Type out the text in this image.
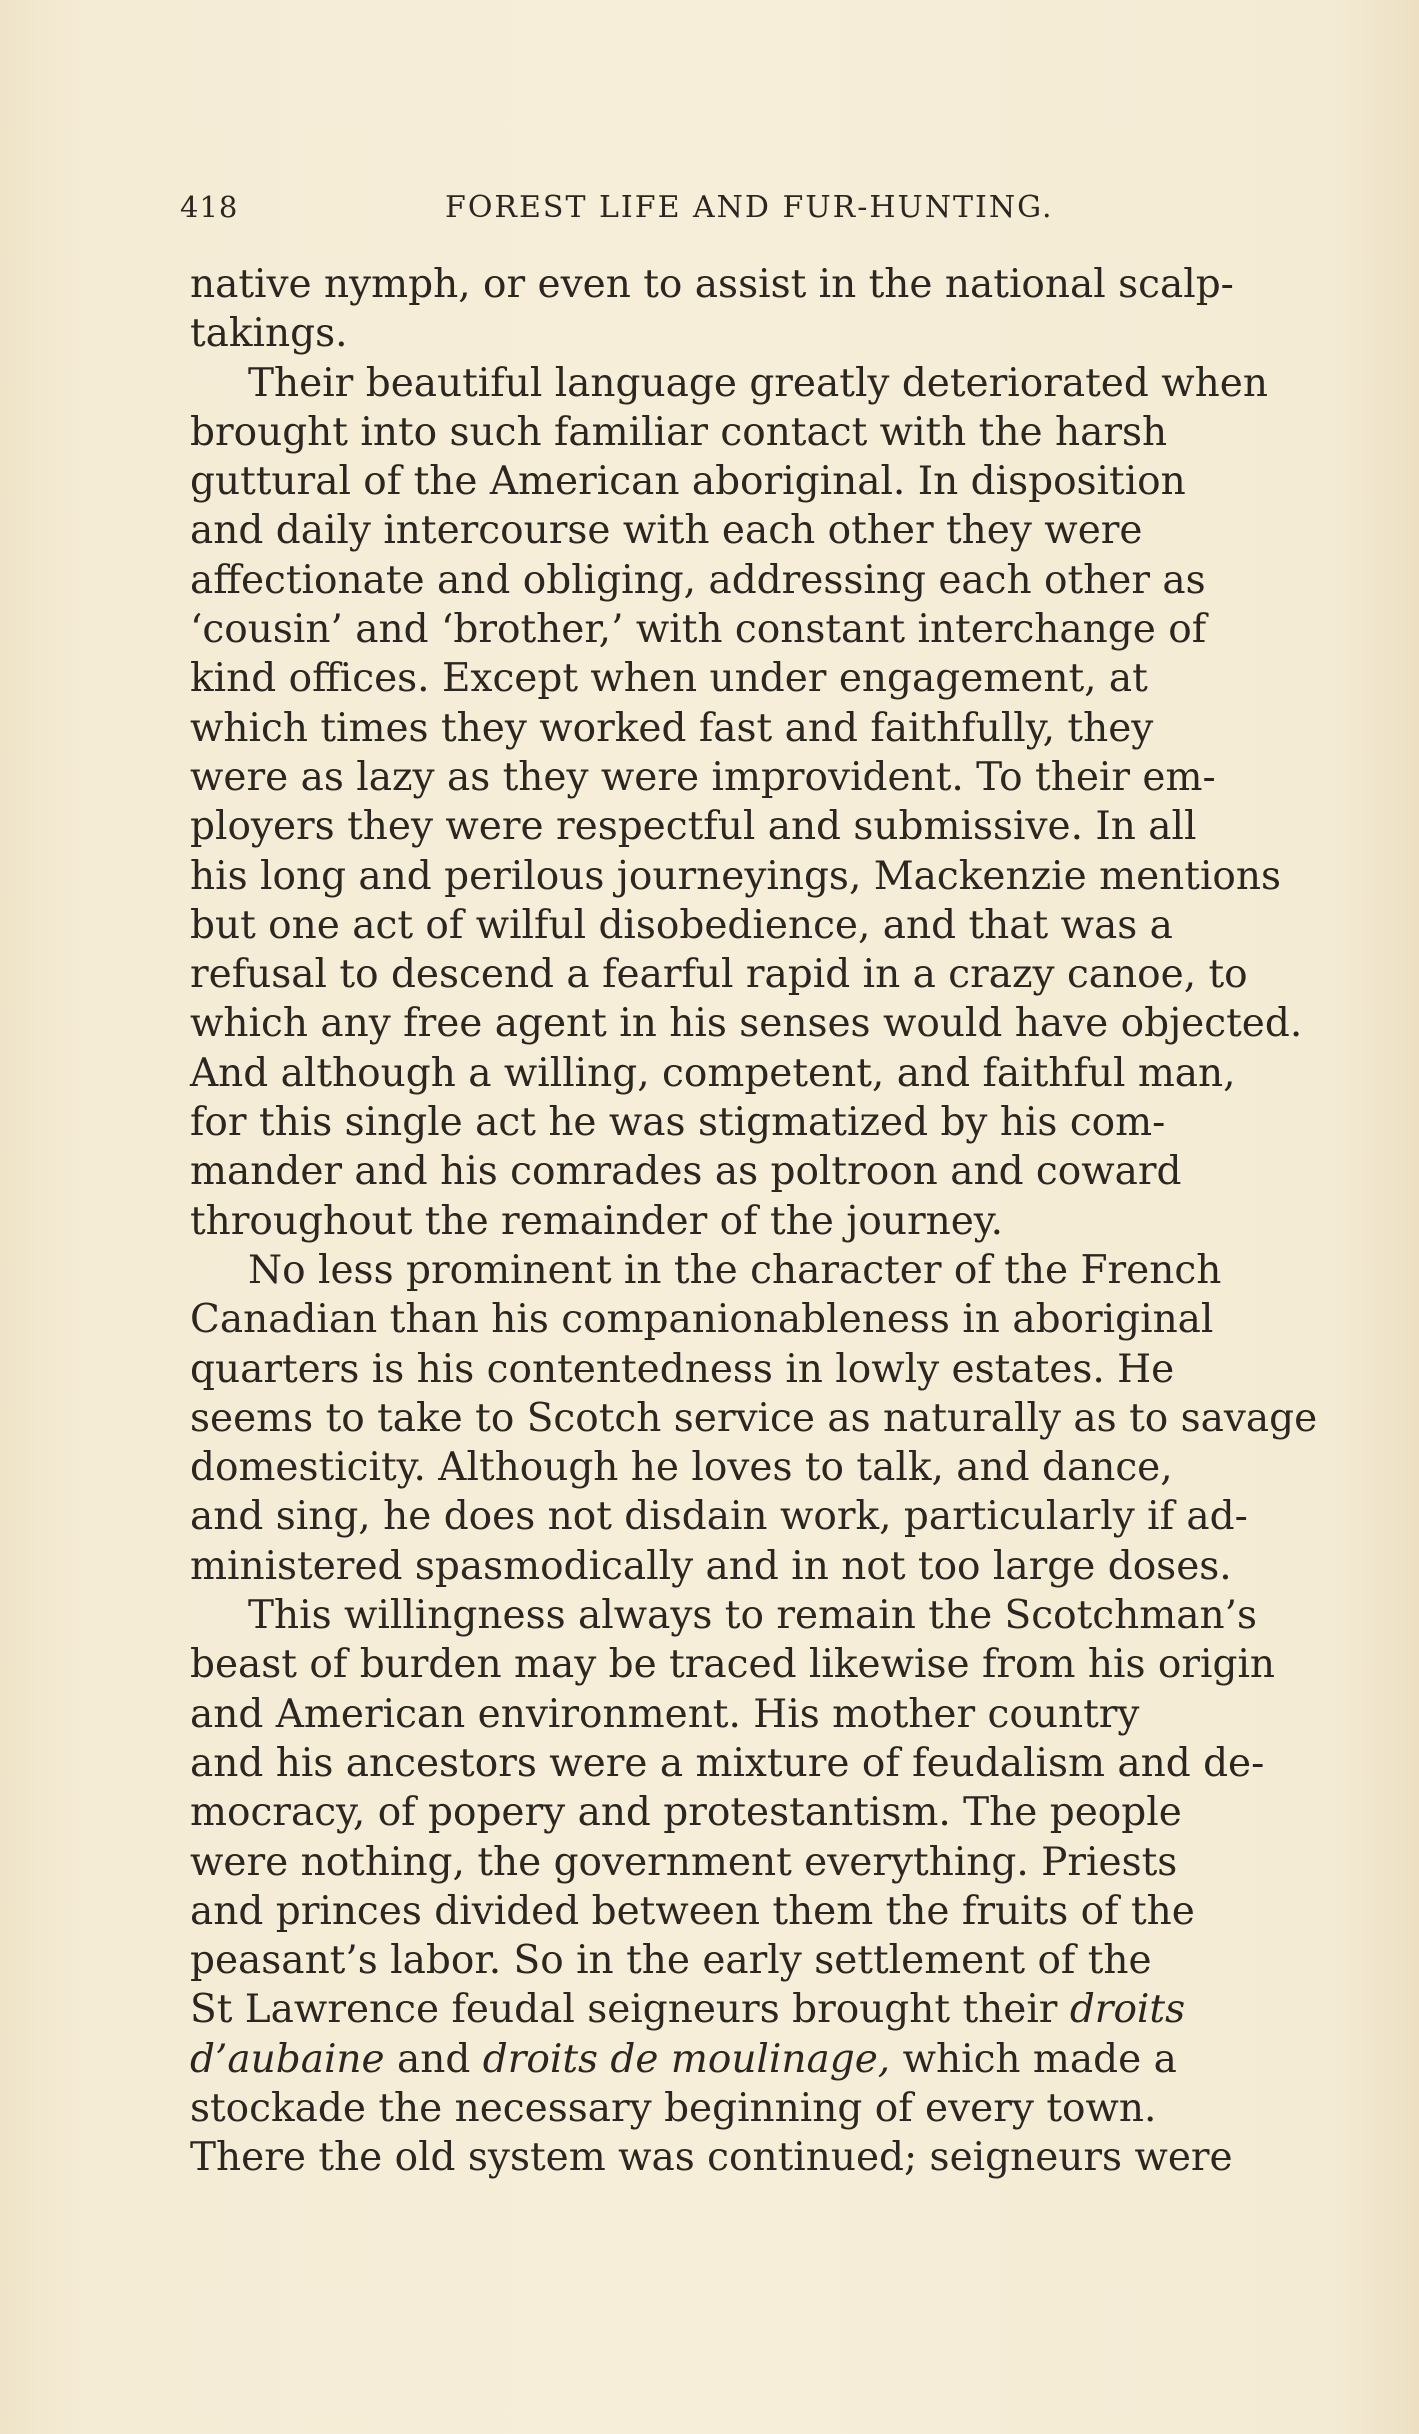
418	FOREST LIFE AND FUR-HUNTING.
native nymph, or even to assist in the national scalp-
takings.
Their beautiful language greatly deteriorated when
brought into such familiar contact with the harsh
guttural of the American aboriginal. In disposition
and daily intercourse with each other they were
affectionate and obliging, addressing each other as
‘cousin’ and ‘brother,’ with constant interchange of
kind offices. Except when under engagement, at
which times they worked fast and faithfully, they
were as lazy as they were improvident. To their em-
ployers they were respectful and submissive. In all
his long and perilous journeyings, Mackenzie mentions
but one act of wilful disobedience, and that was a
refusal to descend a fearful rapid in a crazy canoe, to
which any free agent in his senses would have objected.
And although a willing, competent, and faithful man,
for this single act he was stigmatized by his com-
mander and his comrades as poltroon and coward
throughout the remainder of the journey.
No less prominent in the character of the French
Canadian than his companionableness in aboriginal
quarters is his contentedness in lowly estates. He
seems to take to Scotch service as naturally as to savage
domesticity. Although he loves to talk, and dance,
and sing, he does not disdain work, particularly if ad-
ministered spasmodically and in not too large doses.
This willingness always to remain the Scotchman’s
beast of burden may be traced likewise from his origin
and American environment. His mother country
and his ancestors were a mixture of feudalism and de-
mocracy, of popery and protestantism. The people
were nothing, the government everything. Priests
and princes divided between them the fruits of the
peasant’s labor. So in the early settlement of the
St Lawrence feudal seigneurs brought their droits
d’aubaine and droits de moulinage, which made a
stockade the necessary beginning of every town.
There the old system was continued; seigneurs were
